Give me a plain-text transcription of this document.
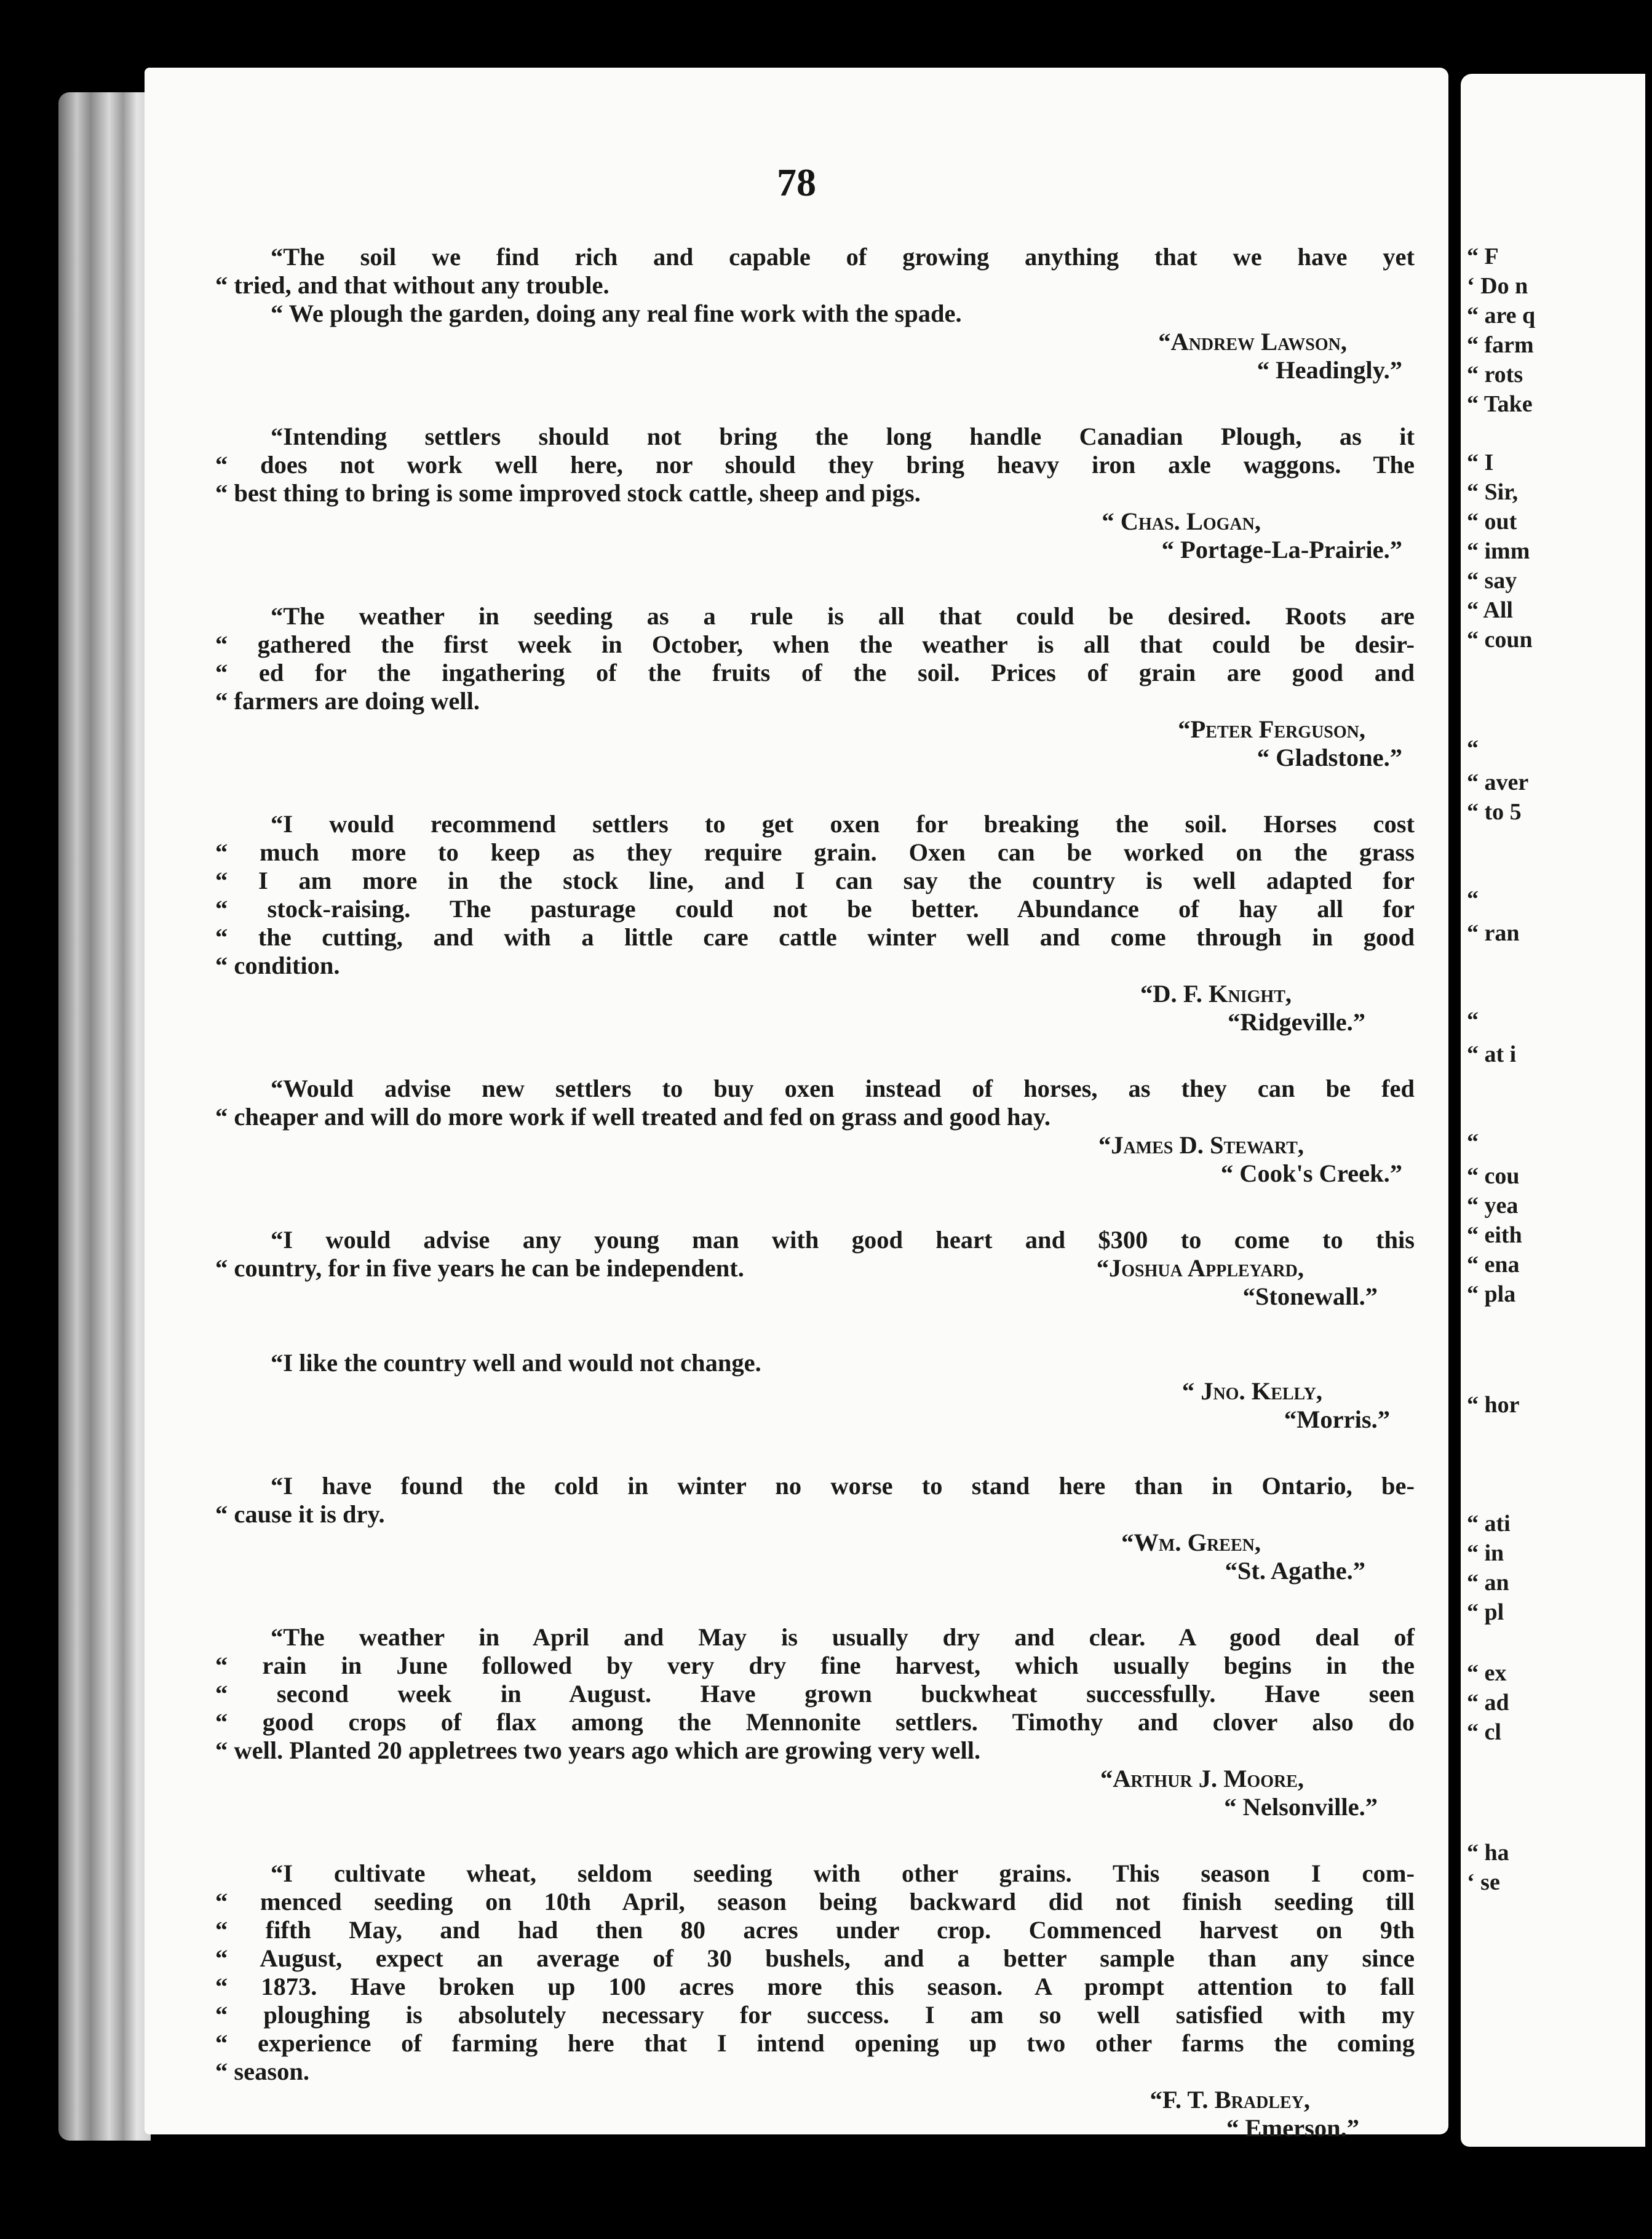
“ F
‘ Do n
“ are q
“ farm
“ rots
“ Take
“ I
“ Sir,
“ out
“ imm
“ say
“ All
“ coun
“
“ aver
“ to 5
“
“ ran
“
“ at i
“
“ cou
“ yea
“ eith
“ ena
“ pla
“ hor
“ ati
“ in
“ an
“ pl
“ ex
“ ad
“ cl
“ ha
‘ se
78
“The soil we find rich and capable of growing anything that we have yet
“ tried, and that without any trouble.
“ We plough the garden, doing any real fine work with the spade.
“Andrew Lawson,
“ Headingly.”
“Intending settlers should not bring the long handle Canadian Plough, as it
“ does not work well here, nor should they bring heavy iron axle waggons. The
“ best thing to bring is some improved stock cattle, sheep and pigs.
“ Chas. Logan,
“ Portage-La-Prairie.”
“The weather in seeding as a rule is all that could be desired. Roots are
“ gathered the first week in October, when the weather is all that could be desir-
“ ed for the ingathering of the fruits of the soil. Prices of grain are good and
“ farmers are doing well.
“Peter Ferguson,
“ Gladstone.”
“I would recommend settlers to get oxen for breaking the soil. Horses cost
“ much more to keep as they require grain. Oxen can be worked on the grass
“ I am more in the stock line, and I can say the country is well adapted for
“ stock-raising. The pasturage could not be better. Abundance of hay all for
“ the cutting, and with a little care cattle winter well and come through in good
“ condition.
“D. F. Knight,
“Ridgeville.”
“Would advise new settlers to buy oxen instead of horses, as they can be fed
“ cheaper and will do more work if well treated and fed on grass and good hay.
“James D. Stewart,
“ Cook's Creek.”
“I would advise any young man with good heart and $300 to come to this
“ country, for in five years he can be independent.	“Joshua Appleyard,
“Stonewall.”
“I like the country well and would not change.
“ Jno. Kelly,
“Morris.”
“I have found the cold in winter no worse to stand here than in Ontario, be-
“ cause it is dry.
“Wm. Green,
“St. Agathe.”
“The weather in April and May is usually dry and clear. A good deal of
“ rain in June followed by very dry fine harvest, which usually begins in the
“ second week in August. Have grown buckwheat successfully. Have seen
“ good crops of flax among the Mennonite settlers. Timothy and clover also do
“ well. Planted 20 appletrees two years ago which are growing very well.
“Arthur J. Moore,
“ Nelsonville.”
“I cultivate wheat, seldom seeding with other grains. This season I com-
“ menced seeding on 10th April, season being backward did not finish seeding till
“ fifth May, and had then 80 acres under crop. Commenced harvest on 9th
“ August, expect an average of 30 bushels, and a better sample than any since
“ 1873. Have broken up 100 acres more this season. A prompt attention to fall
“ ploughing is absolutely necessary for success. I am so well satisfied with my
“ experience of farming here that I intend opening up two other farms the coming
“ season.
“F. T. Bradley,
“ Emerson.”
